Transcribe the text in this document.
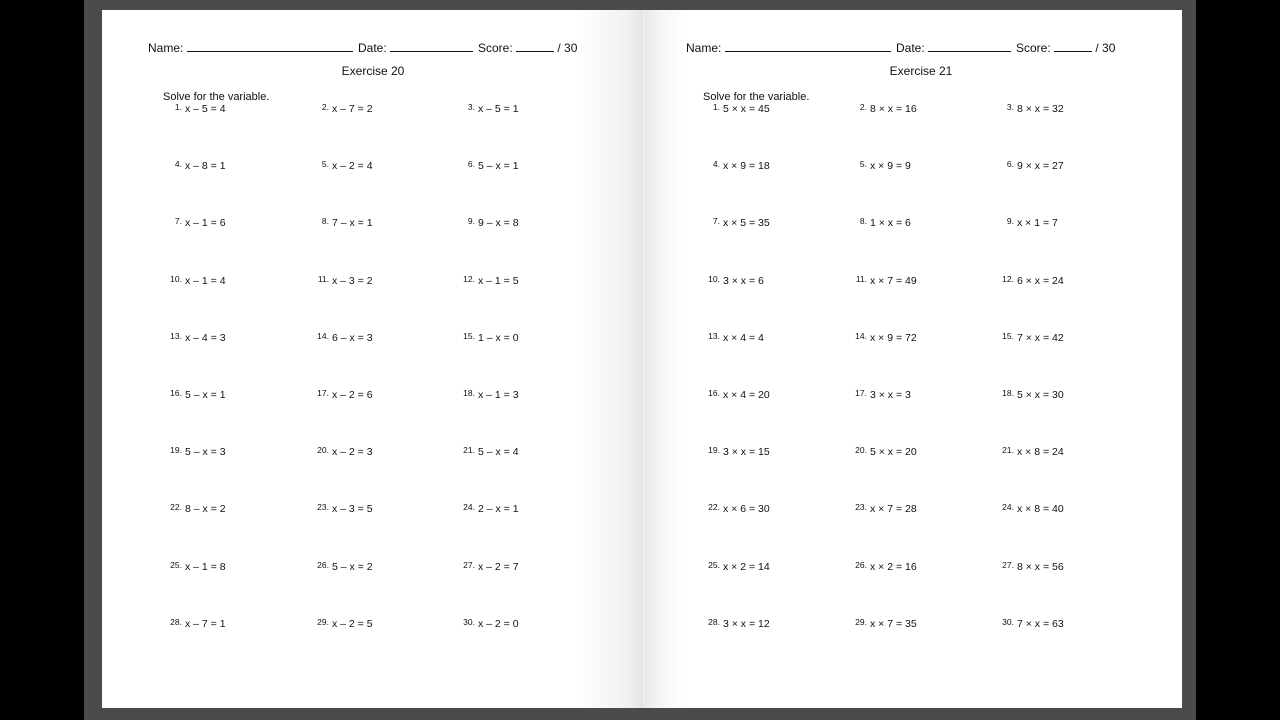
Name:	Date:	Score:	/ 30
Exercise 20
Solve for the variable.
1. x – 5 = 4	2. x – 7 = 2	3. x – 5 = 1
4. x – 8 = 1	5. x – 2 = 4	6. 5 – x = 1
7. x – 1 = 6	8. 7 – x = 1	9. 9 – x = 8
10. x – 1 = 4	11. x – 3 = 2	12. x – 1 = 5
13. x – 4 = 3	14. 6 – x = 3	15. 1 – x = 0
16. 5 – x = 1	17. x – 2 = 6	18. x – 1 = 3
19. 5 – x = 3	20. x – 2 = 3	21. 5 – x = 4
22. 8 – x = 2	23. x – 3 = 5	24. 2 – x = 1
25. x – 1 = 8	26. 5 – x = 2	27. x – 2 = 7
28. x – 7 = 1	29. x – 2 = 5	30. x – 2 = 0
Name:	Date:	Score:	/ 30
Exercise 21
Solve for the variable.
1. 5 × x = 45	2. 8 × x = 16	3. 8 × x = 32
4. x × 9 = 18	5. x × 9 = 9	6. 9 × x = 27
7. x × 5 = 35	8. 1 × x = 6	9. x × 1 = 7
10. 3 × x = 6	11. x × 7 = 49	12. 6 × x = 24
13. x × 4 = 4	14. x × 9 = 72	15. 7 × x = 42
16. x × 4 = 20	17. 3 × x = 3	18. 5 × x = 30
19. 3 × x = 15	20. 5 × x = 20	21. x × 8 = 24
22. x × 6 = 30	23. x × 7 = 28	24. x × 8 = 40
25. x × 2 = 14	26. x × 2 = 16	27. 8 × x = 56
28. 3 × x = 12	29. x × 7 = 35	30. 7 × x = 63
